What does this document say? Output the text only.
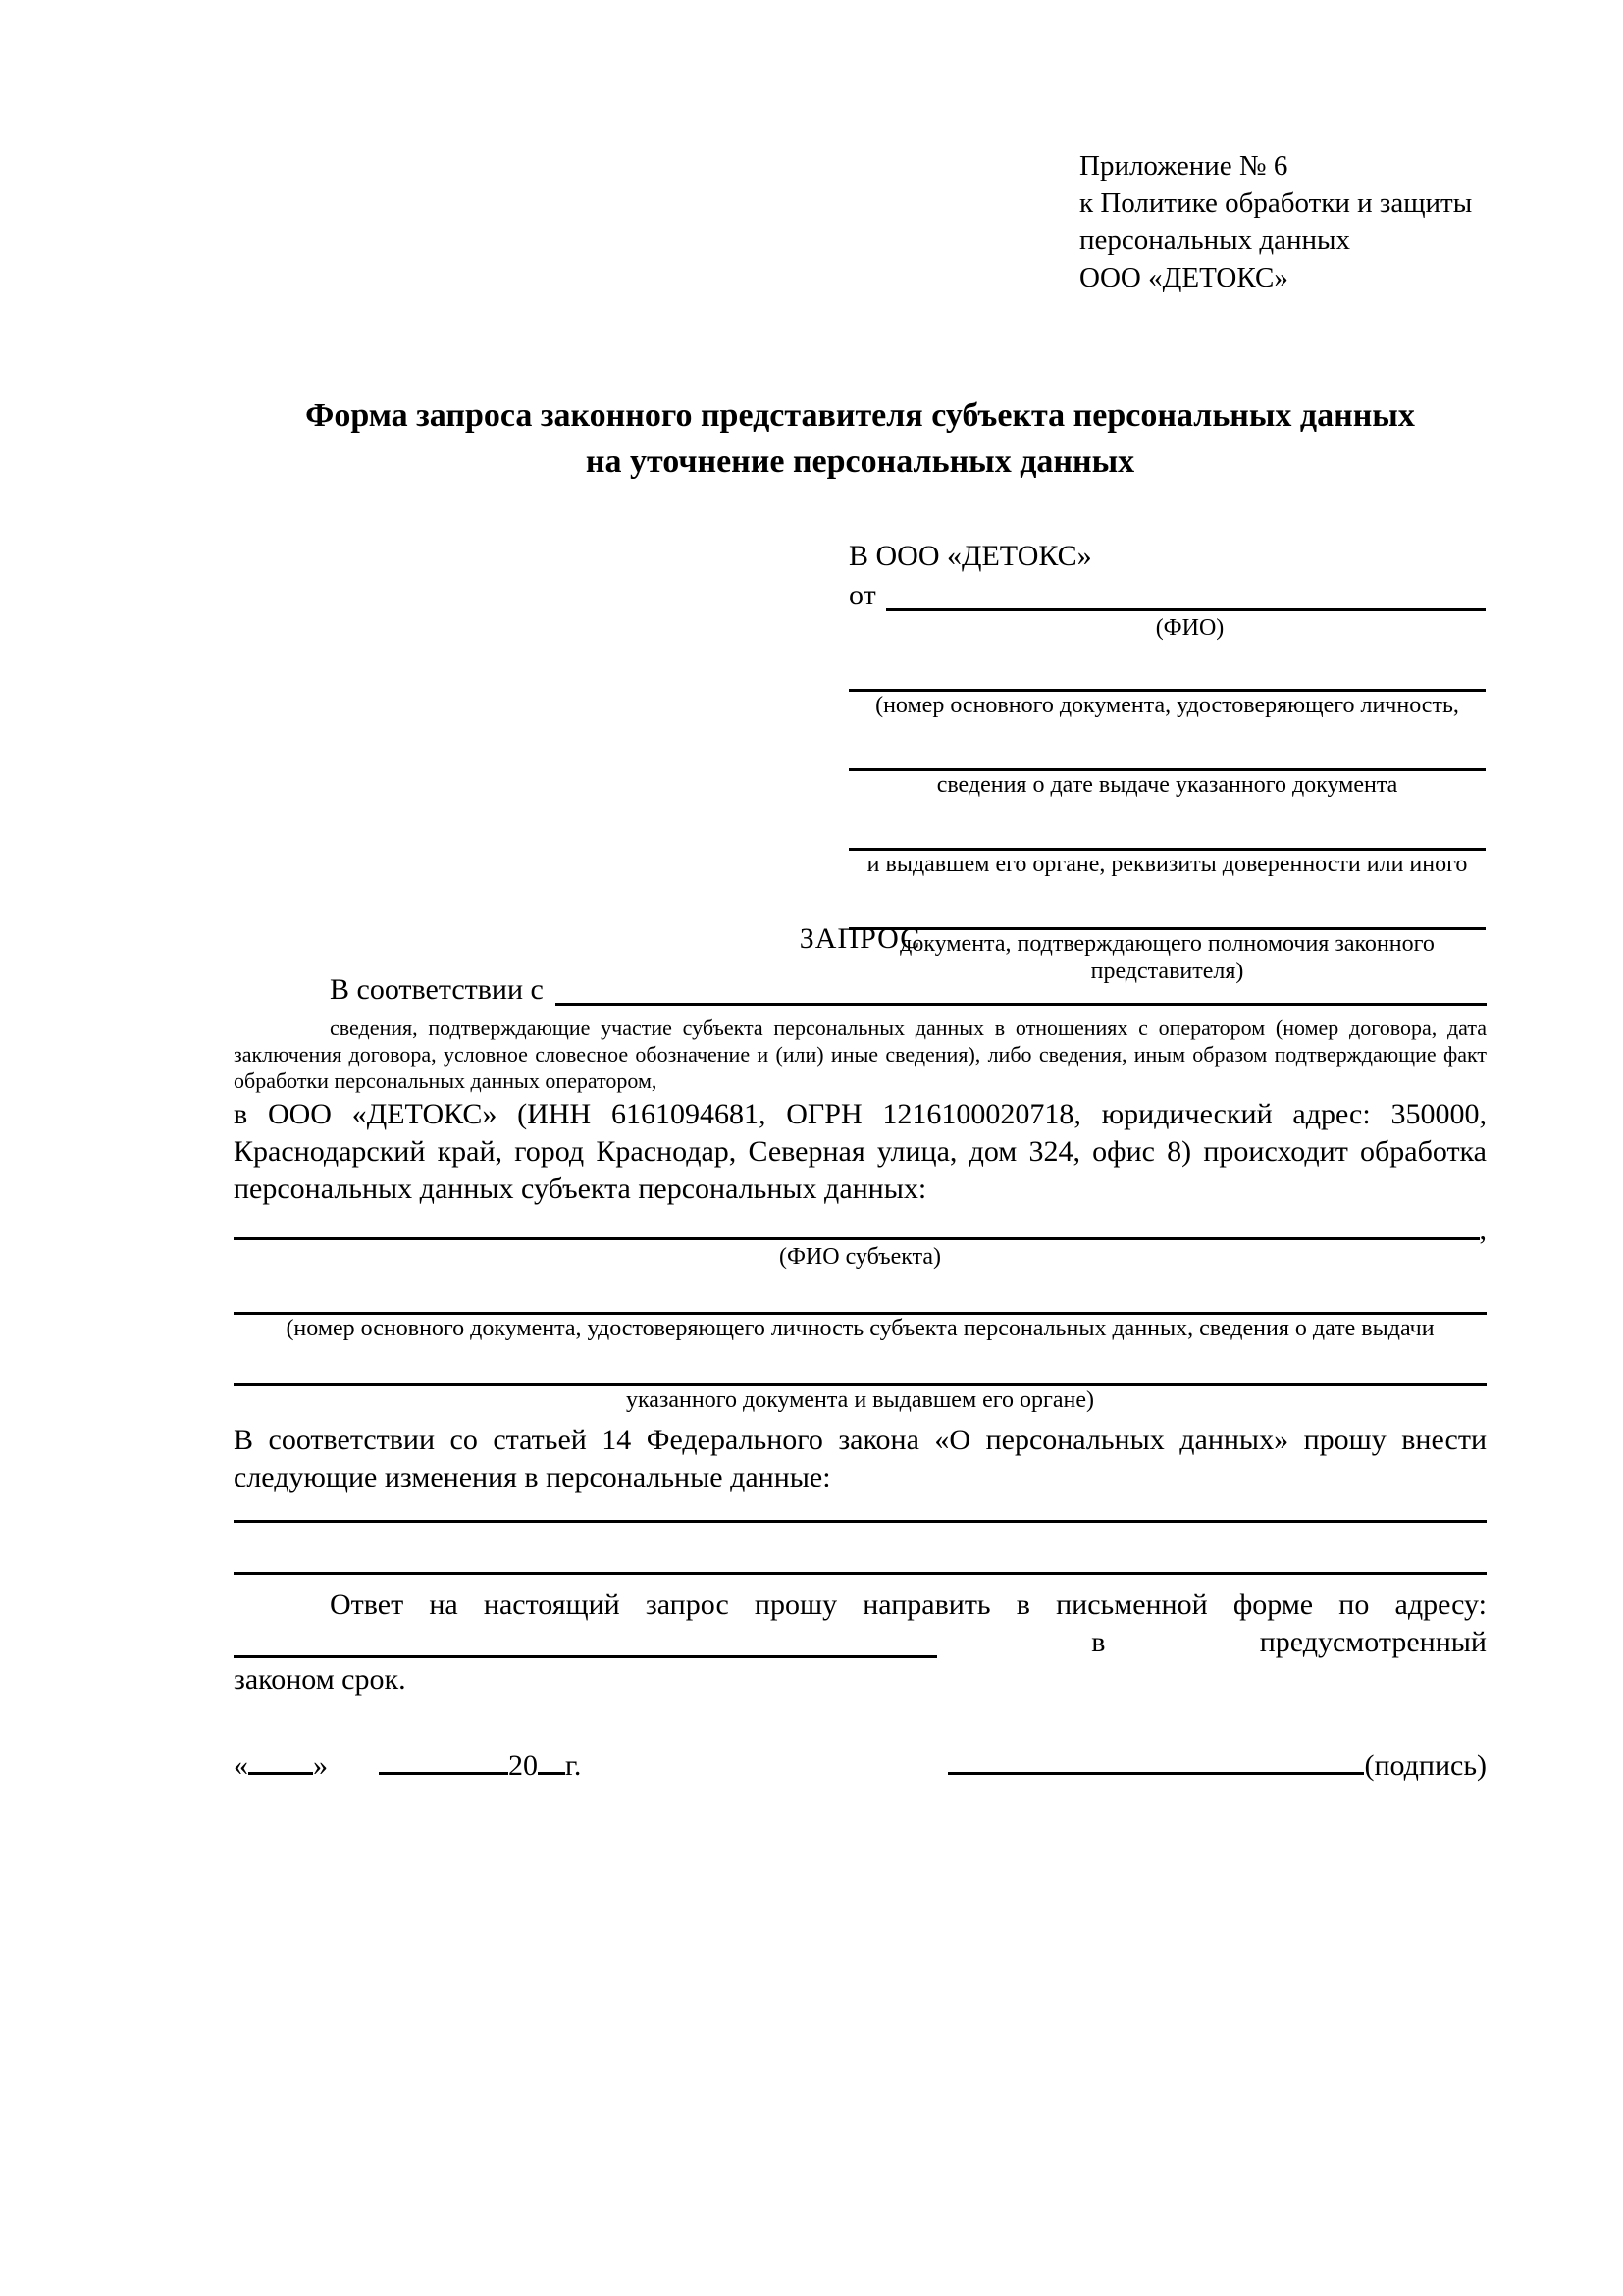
Приложение № 6
к Политике обработки и защиты
персональных данных
ООО «ДЕТОКС»
Форма запроса законного представителя субъекта персональных данных
на уточнение персональных данных
В ООО «ДЕТОКС»
от
(ФИО)
(номер основного документа, удостоверяющего личность,
сведения о дате выдаче указанного документа
и выдавшем его органе, реквизиты доверенности или иного
документа, подтверждающего полномочия законного представителя)
ЗАПРОС
В соответствии с

сведения, подтверждающие участие субъекта персональных данных в отношениях с оператором (номер договора, дата заключения договора, условное словесное обозначение и (или) иные сведения), либо сведения, иным образом подтверждающие факт обработки персональных данных оператором,

в ООО «ДЕТОКС» (ИНН 6161094681, ОГРН 1216100020718, юридический адрес: 350000, Краснодарский край, город Краснодар, Северная улица, дом 324, офис 8) происходит обработка персональных данных субъекта персональных данных:

,
(ФИО субъекта)
(номер основного документа, удостоверяющего личность субъекта персональных данных, сведения о дате выдачи
указанного документа и выдавшем его органе)

В соответствии со статьей 14 Федерального закона «О персональных данных» прошу внести следующие изменения в персональные данные:

Ответ на настоящий запрос прошу направить в письменной форме по адресу:

в	предусмотренный

законом срок.

« »	20 г.	(подпись)
